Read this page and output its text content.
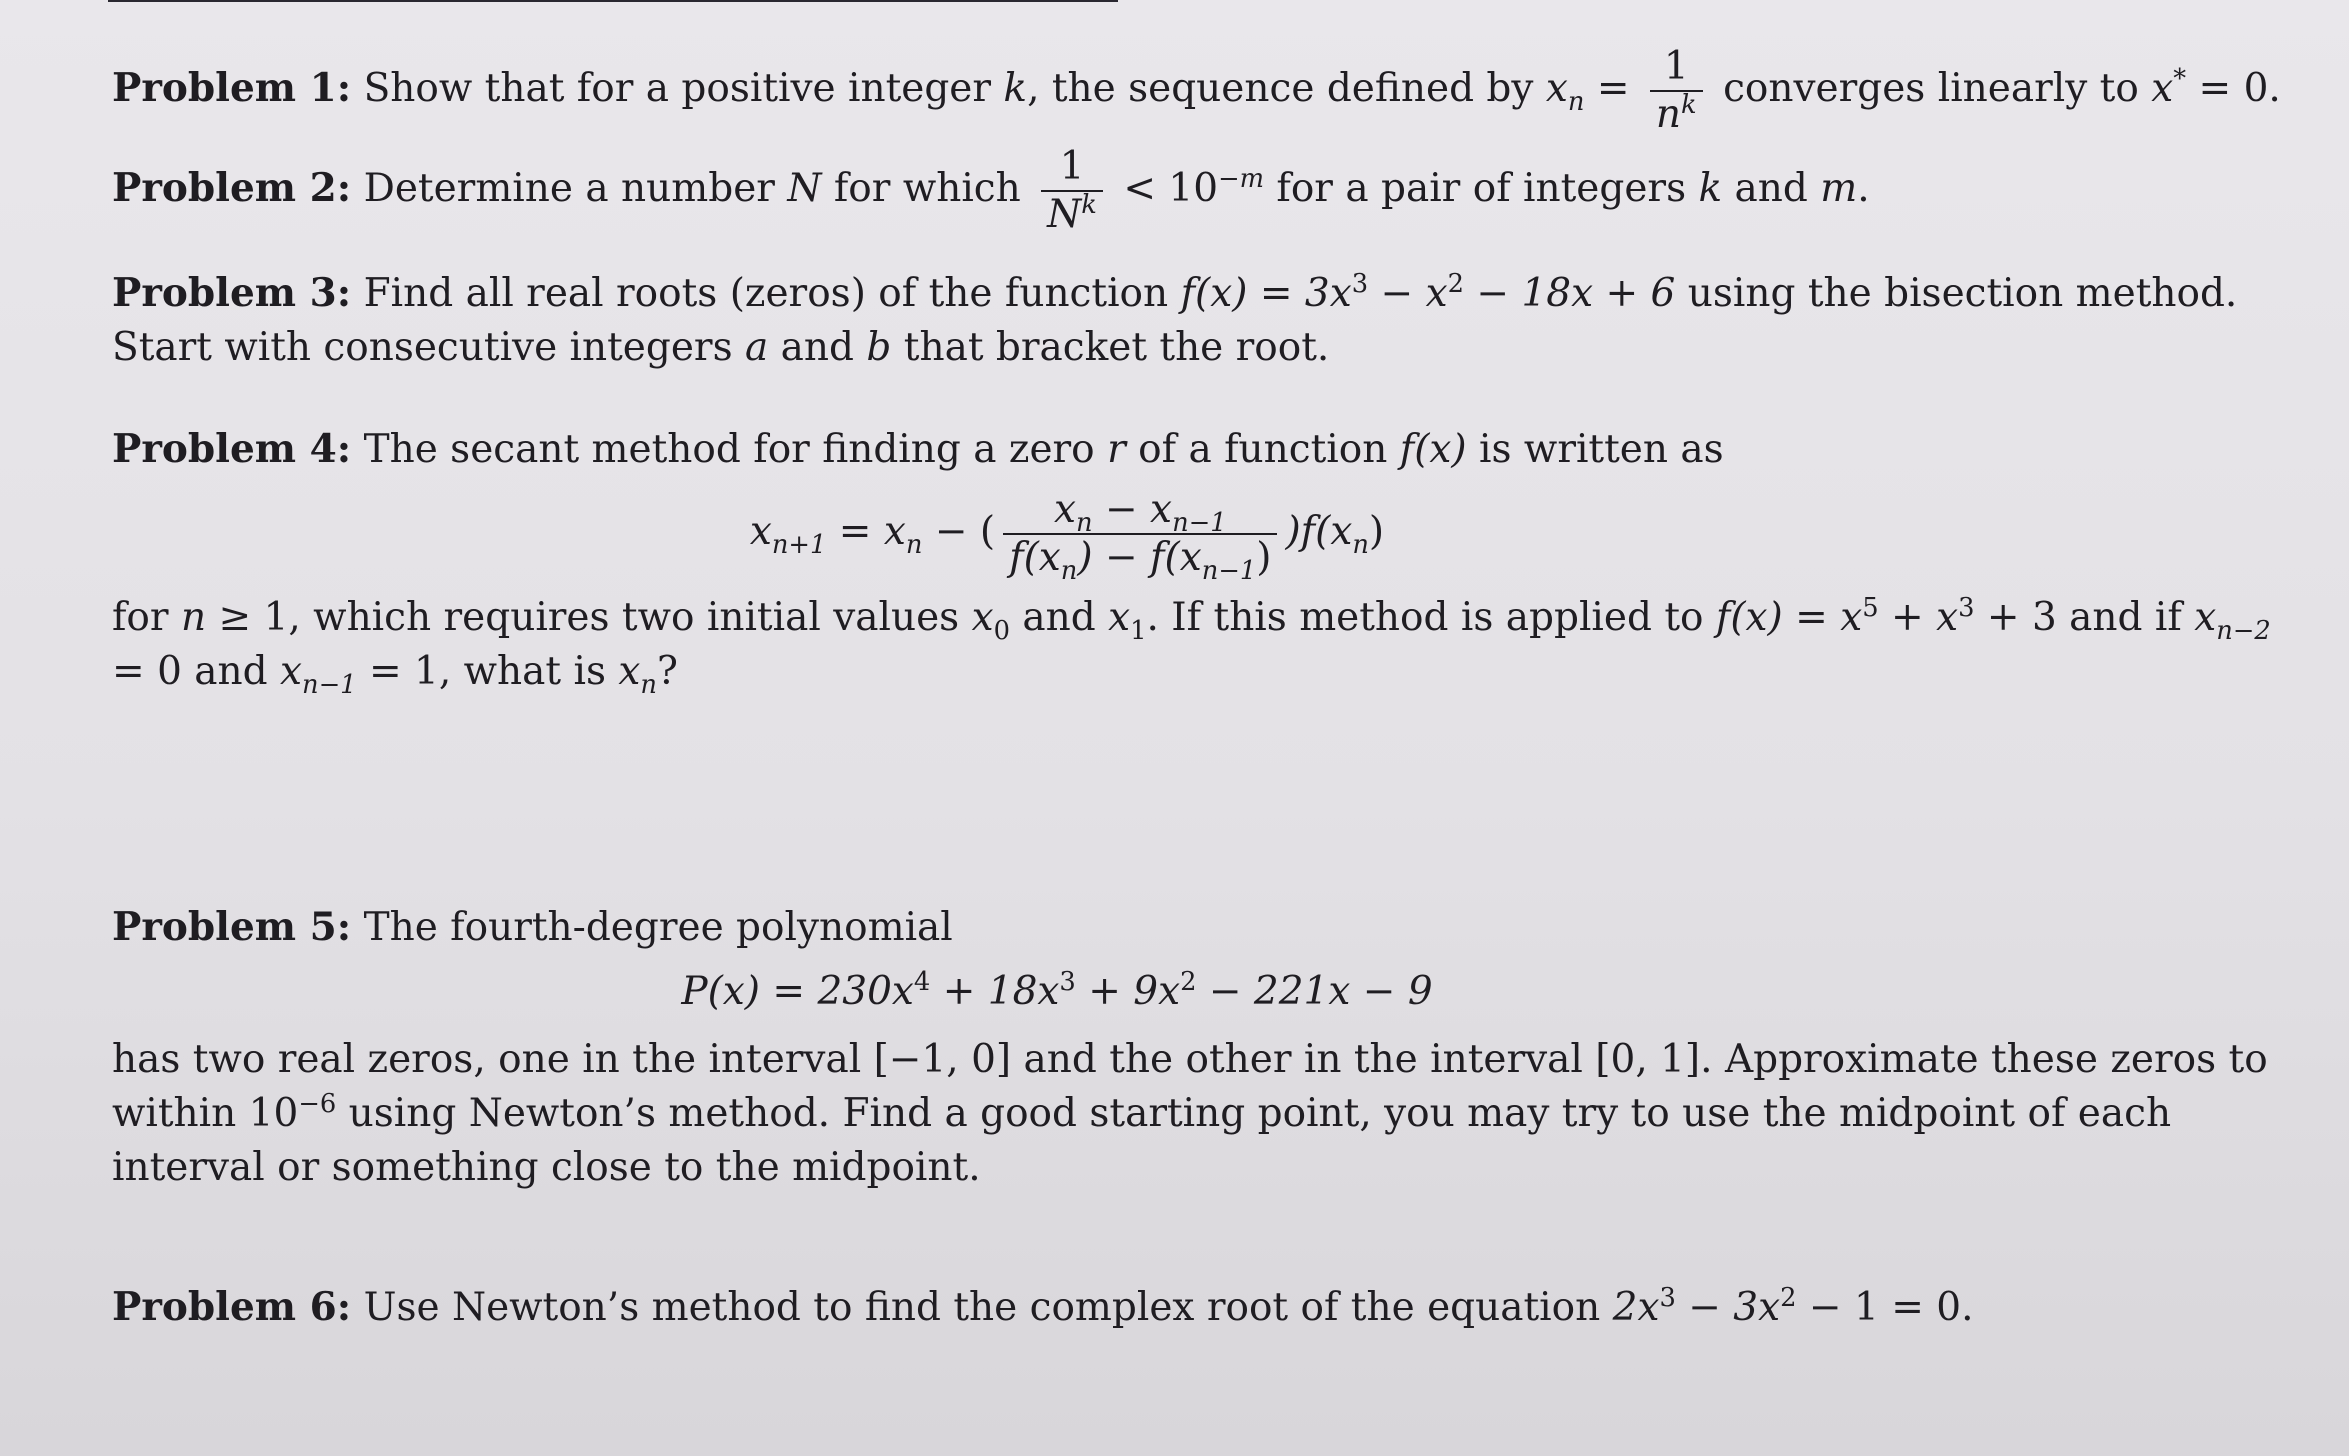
Problem 1: Show that for a positive integer k, the sequence defined by $x_n = \frac{1}{n^k}$ converges linearly to x* = 0.
Problem 2: Determine a number N for which $\frac{1}{N^k} < 10^{-m}$ for a pair of integers k and m.

Problem 3: Find all real roots (zeros) of the function $f(x) = 3x^3 - x^2 - 18x + 6$ using the bisection method. Start with consecutive integers a and b that bracket the root.

Problem 4: The secant method for finding a zero r of a function f(x) is written as

$x_{n+1} = x_n$ − ( $\frac{x_n - x_{n-1}}{f(x_n) - f(x_{n-1})} )f(x_n)$

for n ≥ 1, which requires two initial values $x_0$ and $x_1$. If this method is applied to $f(x) = x^5 + x^3 + 3$ and if $x_{n-2} = 0$ and $x_{n-1} = 1$, what is $x_n$?

Problem 5: The fourth-degree polynomial

$P(x) = 230x^4 + 18x^3 + 9x^2 - 221x - 9$

has two real zeros, one in the interval [−1, 0] and the other in the interval [0, 1]. Approximate these zeros to within $10^{-6}$ using Newton’s method. Find a good starting point, you may try to use the midpoint of each interval or something close to the midpoint.

Problem 6: Use Newton’s method to find the complex root of the equation $2x^3 - 3x^2 - 1 = 0$.
